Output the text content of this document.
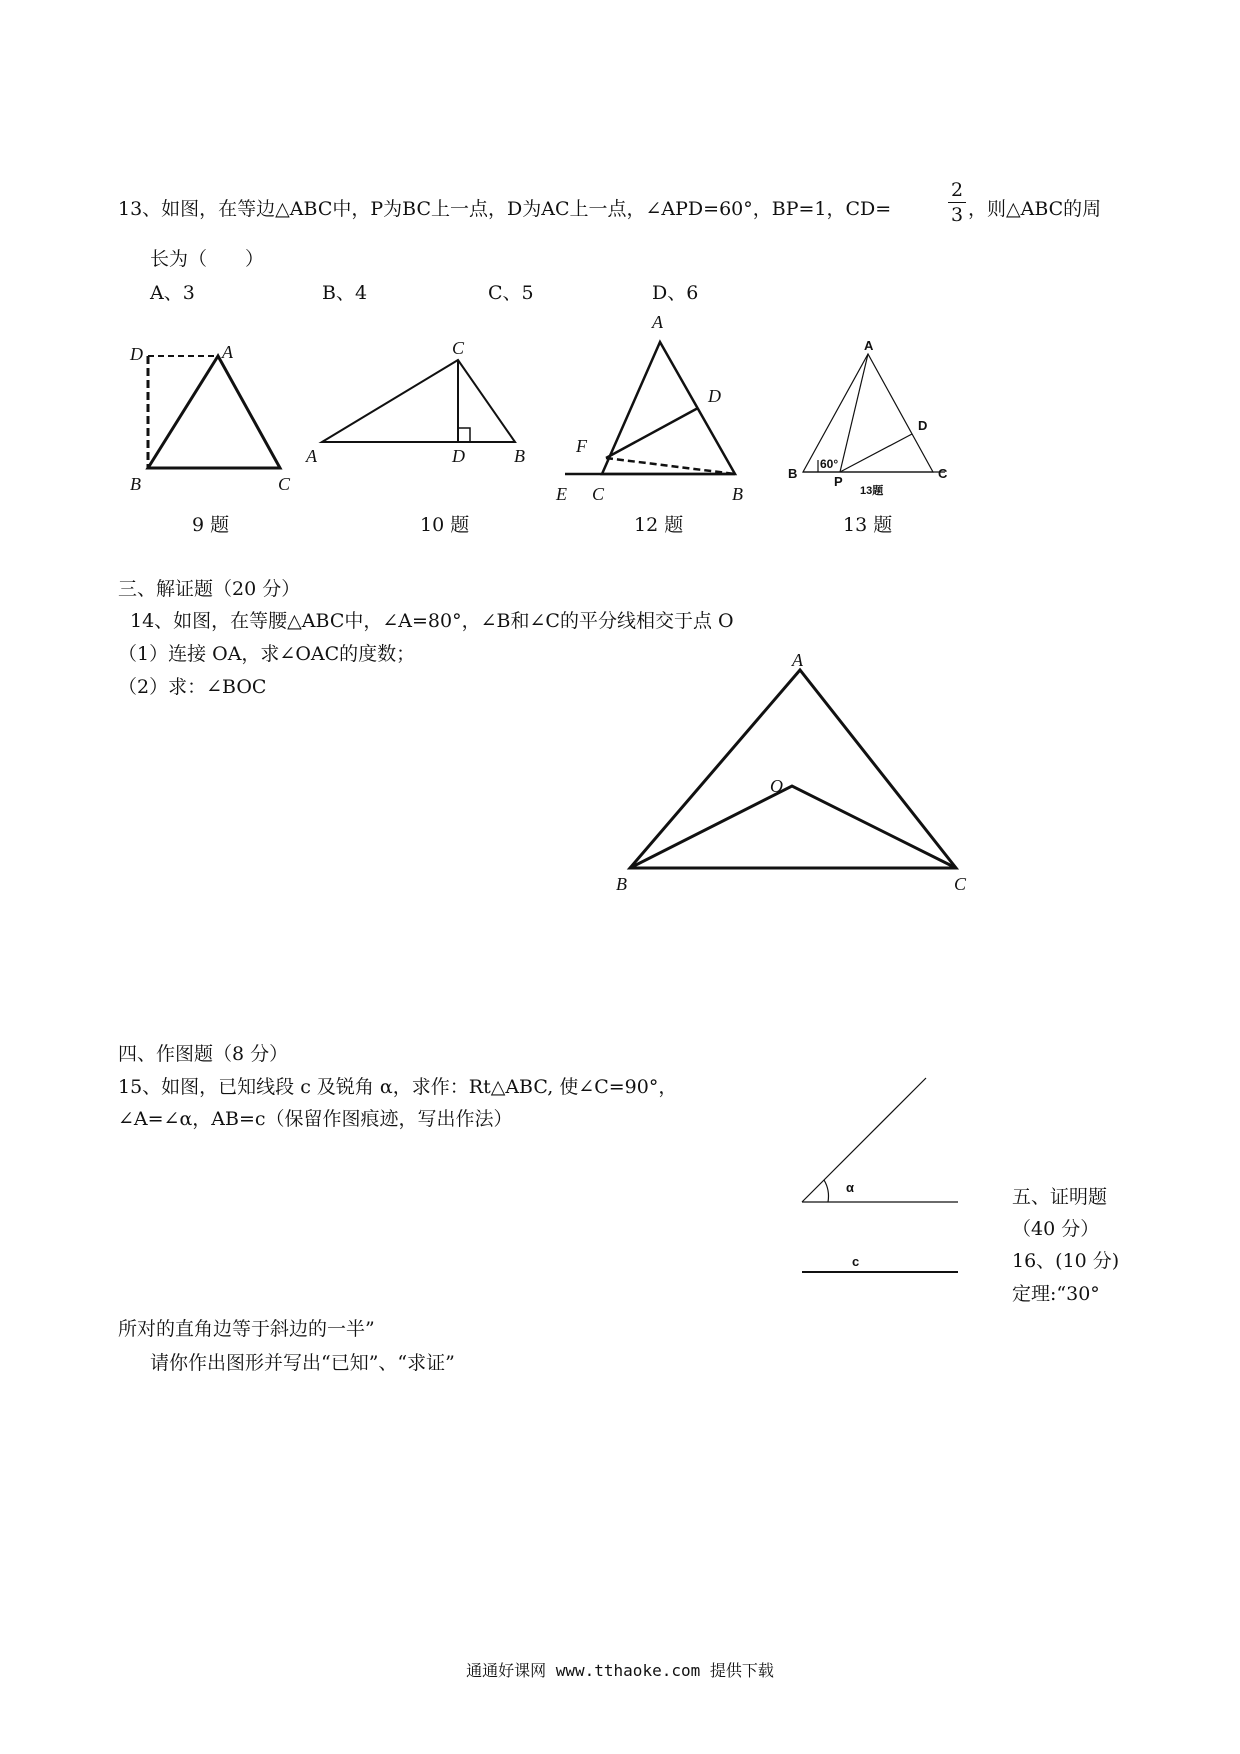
13、如图，在等边△ABC中，P为BC上一点，D为AC上一点，∠APD=60°，BP=1，CD=	$\frac{2}{3}$ ，则△ABC的周
长为（　　）
A、3	B、4	C、5	D、6
D	A
B	C
9 题
C
A	D	B
10 题
A
D
F
E C	B
12 题
A
D
B
60°
P
C
13题
13 题
三、解证题（20 分）
14、如图，在等腰△ABC中，∠A=80°，∠B和∠C的平分线相交于点 O
（1）连接 OA，求∠OAC的度数；
（2）求：∠BOC
A
O
B	C
四、作图题（8 分）
15、如图，已知线段 c 及锐角 α，求作：Rt△ABC, 使∠C=90°，
∠A=∠α，AB=c（保留作图痕迹，写出作法）
α
c
五、证明题
（40 分）
16、(10 分)
定理:“30°
所对的直角边等于斜边的一半”
请你作出图形并写出“已知”、“求证”
通通好课网 www.tthaoke.com 提供下载
